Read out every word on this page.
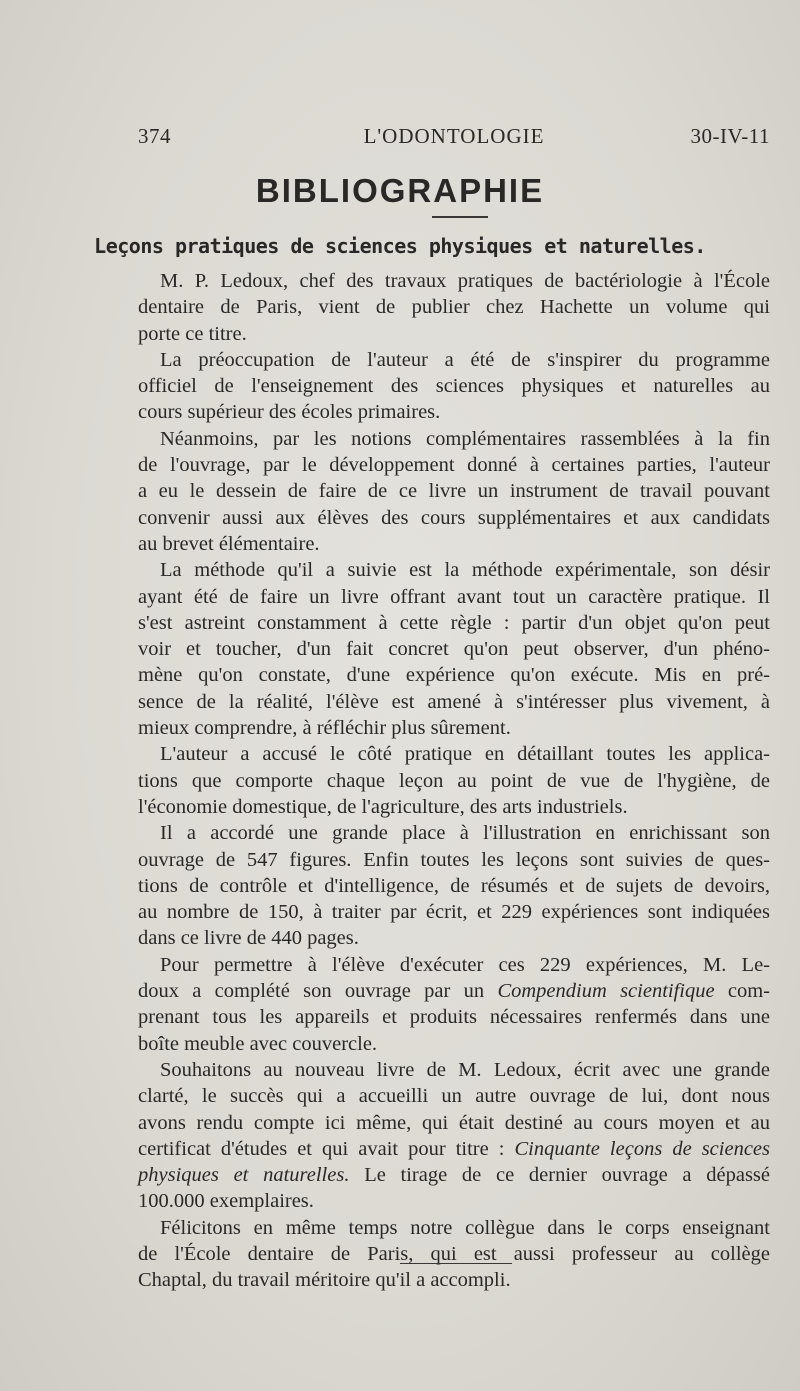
374	L'ODONTOLOGIE	30-IV-11
BIBLIOGRAPHIE
Leçons pratiques de sciences physiques et naturelles.
M. P. Ledoux, chef des travaux pratiques de bactériologie à l'École
dentaire de Paris, vient de publier chez Hachette un volume qui
porte ce titre.
La préoccupation de l'auteur a été de s'inspirer du programme
officiel de l'enseignement des sciences physiques et naturelles au
cours supérieur des écoles primaires.
Néanmoins, par les notions complémentaires rassemblées à la fin
de l'ouvrage, par le développement donné à certaines parties, l'auteur
a eu le dessein de faire de ce livre un instrument de travail pouvant
convenir aussi aux élèves des cours supplémentaires et aux candidats
au brevet élémentaire.
La méthode qu'il a suivie est la méthode expérimentale, son désir
ayant été de faire un livre offrant avant tout un caractère pratique. Il
s'est astreint constamment à cette règle : partir d'un objet qu'on peut
voir et toucher, d'un fait concret qu'on peut observer, d'un phéno-
mène qu'on constate, d'une expérience qu'on exécute. Mis en pré-
sence de la réalité, l'élève est amené à s'intéresser plus vivement, à
mieux comprendre, à réfléchir plus sûrement.
L'auteur a accusé le côté pratique en détaillant toutes les applica-
tions que comporte chaque leçon au point de vue de l'hygiène, de
l'économie domestique, de l'agriculture, des arts industriels.
Il a accordé une grande place à l'illustration en enrichissant son
ouvrage de 547 figures. Enfin toutes les leçons sont suivies de ques-
tions de contrôle et d'intelligence, de résumés et de sujets de devoirs,
au nombre de 150, à traiter par écrit, et 229 expériences sont indiquées
dans ce livre de 440 pages.
Pour permettre à l'élève d'exécuter ces 229 expériences, M. Le-
doux a complété son ouvrage par un Compendium scientifique com-
prenant tous les appareils et produits nécessaires renfermés dans une
boîte meuble avec couvercle.
Souhaitons au nouveau livre de M. Ledoux, écrit avec une grande
clarté, le succès qui a accueilli un autre ouvrage de lui, dont nous
avons rendu compte ici même, qui était destiné au cours moyen et au
certificat d'études et qui avait pour titre : Cinquante leçons de sciences
physiques et naturelles. Le tirage de ce dernier ouvrage a dépassé
100.000 exemplaires.
Félicitons en même temps notre collègue dans le corps enseignant
de l'École dentaire de Paris, qui est aussi professeur au collège
Chaptal, du travail méritoire qu'il a accompli.
